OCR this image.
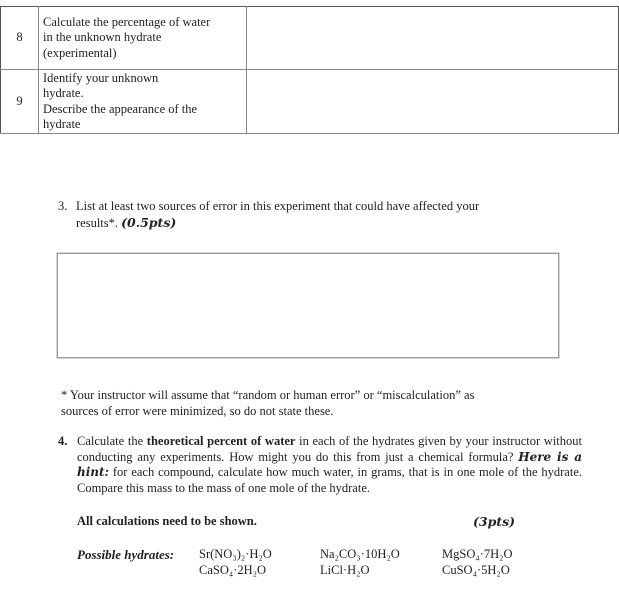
8	Calculate the percentage of water
in the unknown hydrate
(experimental)	

9	Identify your unknown
hydrate.
Describe the appearance of the
hydrate	

3. List at least two sources of error in this experiment that could have affected your
results*. (0.5pts)
* Your instructor will assume that “random or human error” or “miscalculation” as
sources of error were minimized, so do not state these.
4. Calculate the theoretical percent of water in each of the hydrates given by your instructor without conducting any experiments. How might you do this from just a chemical formula? Here is a hint: for each compound, calculate how much water, in grams, that is in one mole of the hydrate. Compare this mass to the mass of one mole of the hydrate.
All calculations need to be shown.	(3pts)
Possible hydrates: Sr(NO₃)₂·H₂O	Na₂CO₃·10H₂O	MgSO₄·7H₂O
CaSO₄·2H₂O	LiCl·H₂O	CuSO₄·5H₂O
